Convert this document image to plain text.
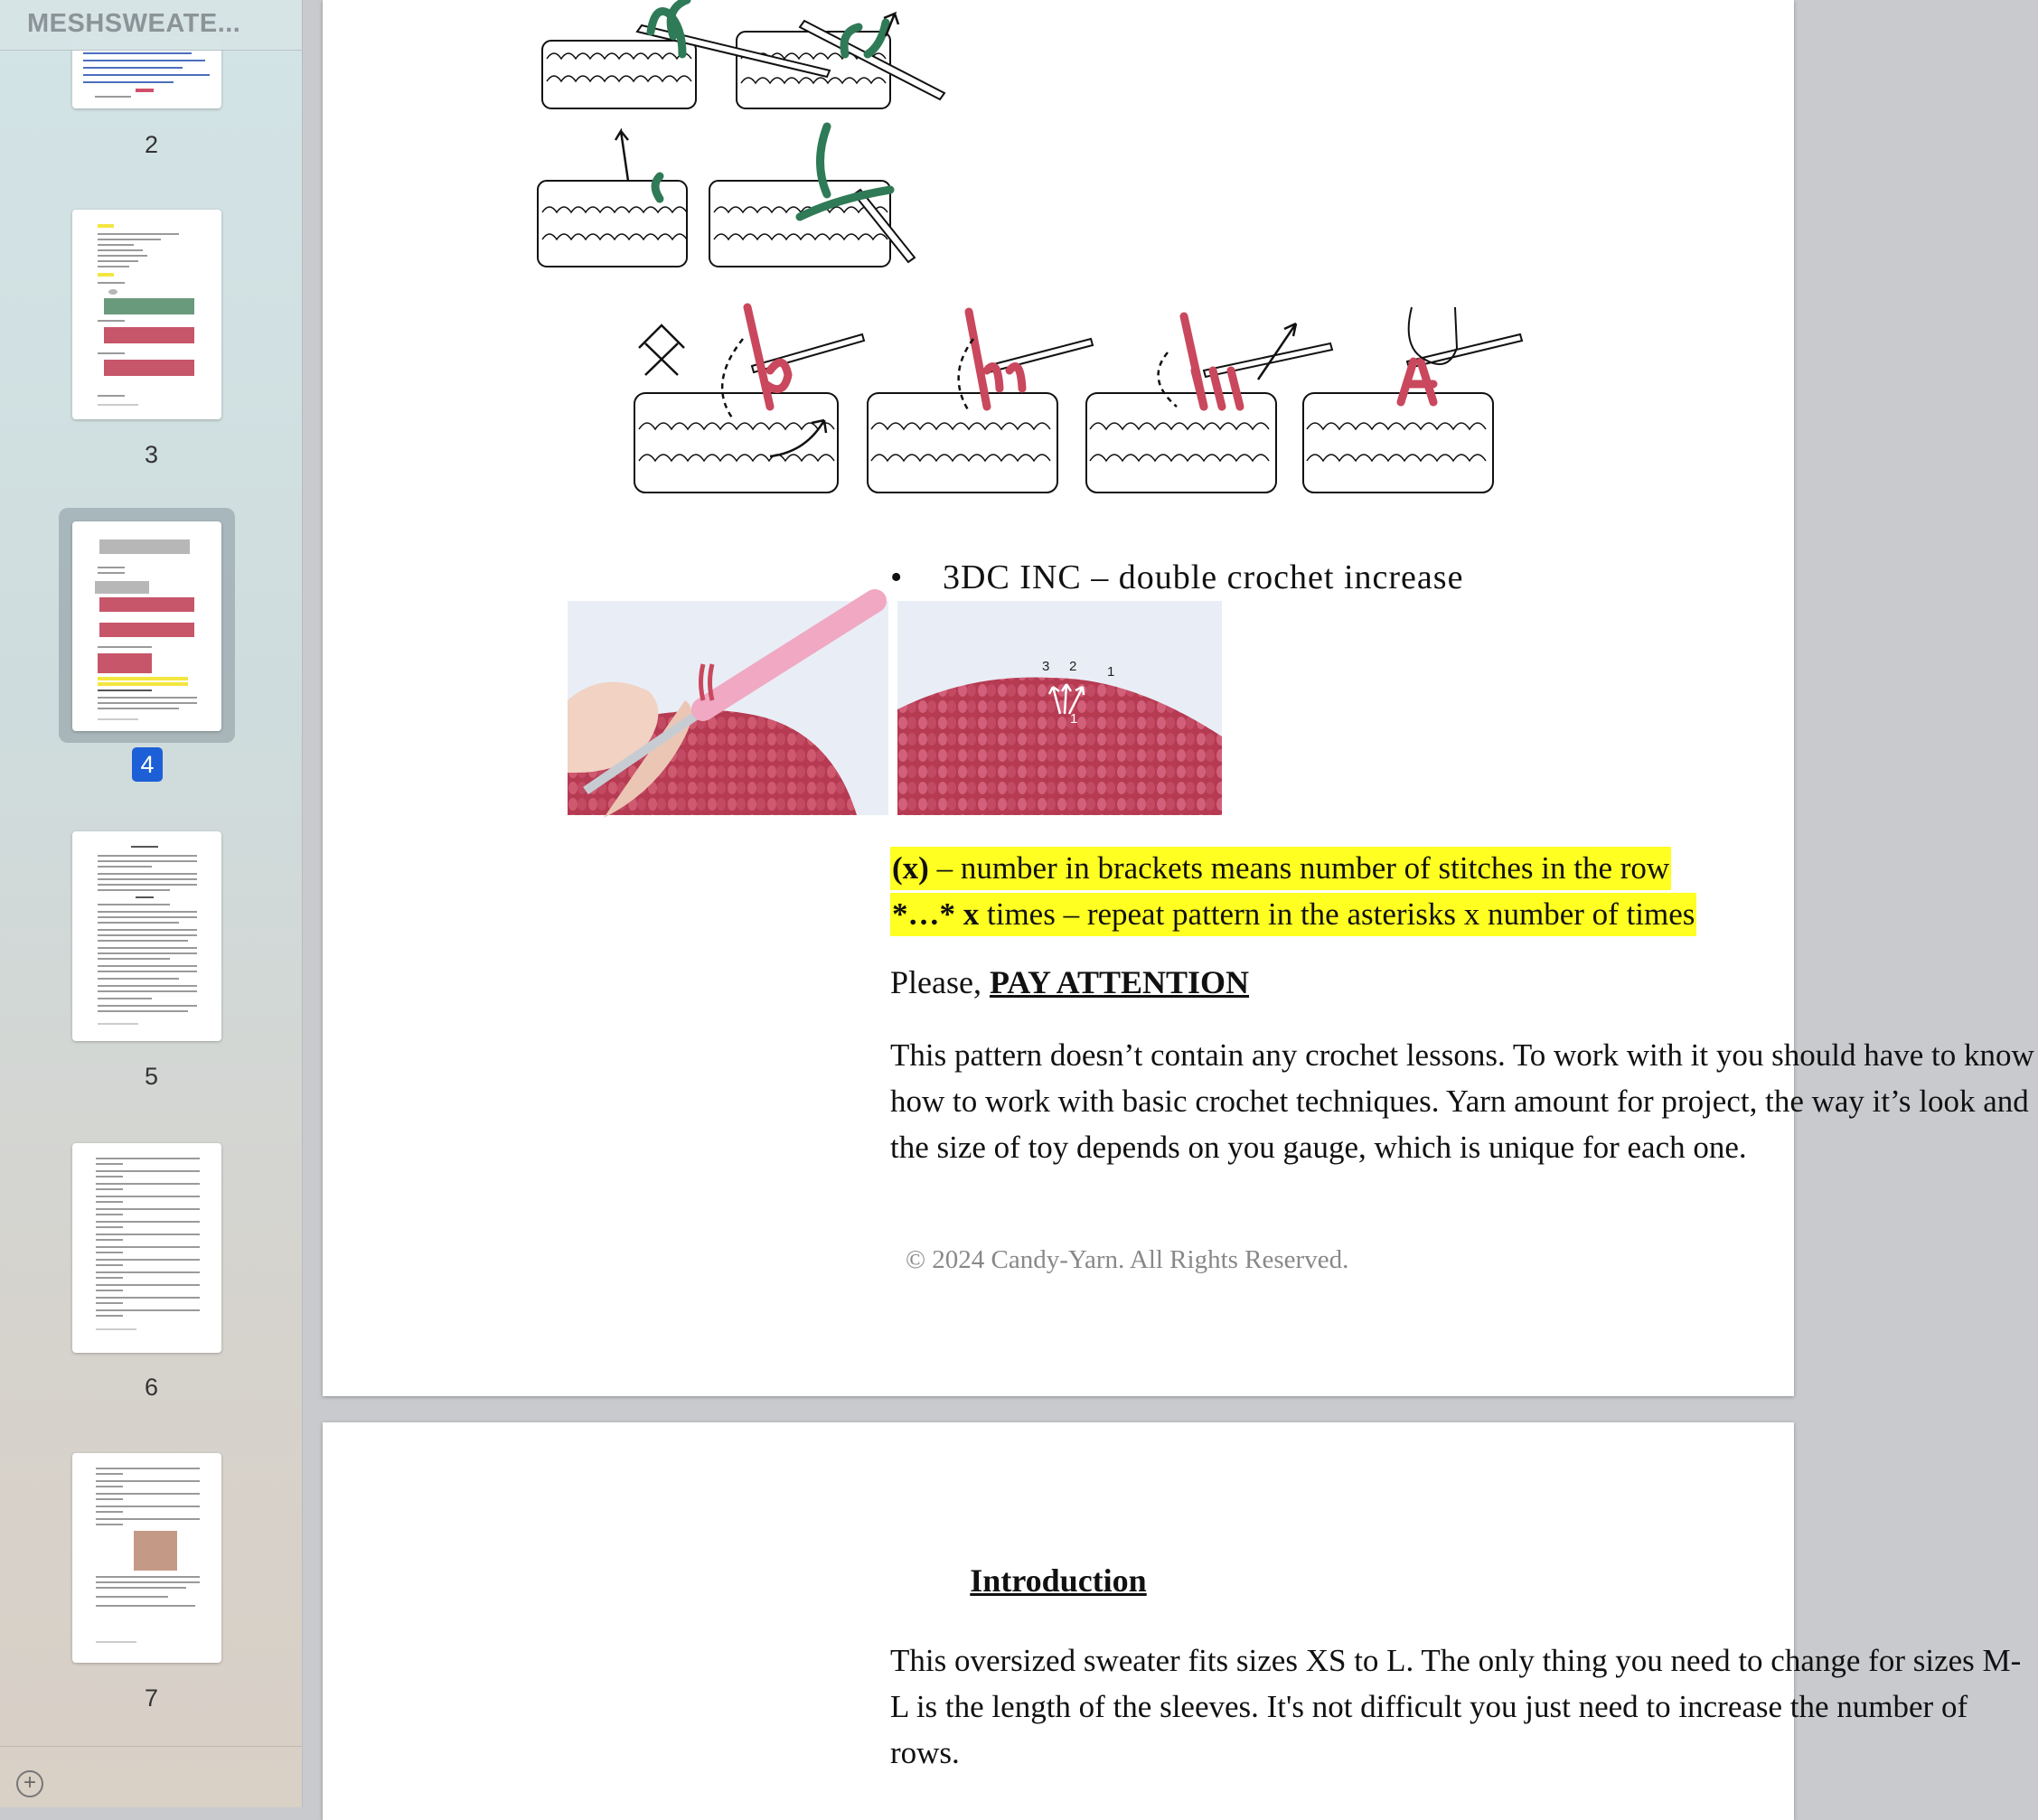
2
3
4
5
6
7
MESHSWEATE...
+
• 3DC INC – double crochet increase
3 2 1
1
(x) – number in brackets means number of stitches in the row
*…* x times – repeat pattern in the asterisks x number of times
Please, PAY ATTENTION
This pattern doesn’t contain any crochet lessons. To work with it you should have to know how to work with basic crochet techniques. Yarn amount for project, the way it’s look and the size of toy depends on you gauge, which is unique for each one.
© 2024 Candy-Yarn. All Rights Reserved.
Introduction
This oversized sweater fits sizes XS to L. The only thing you need to change for sizes M-L is the length of the sleeves. It's not difficult you just need to increase the number of rows.
